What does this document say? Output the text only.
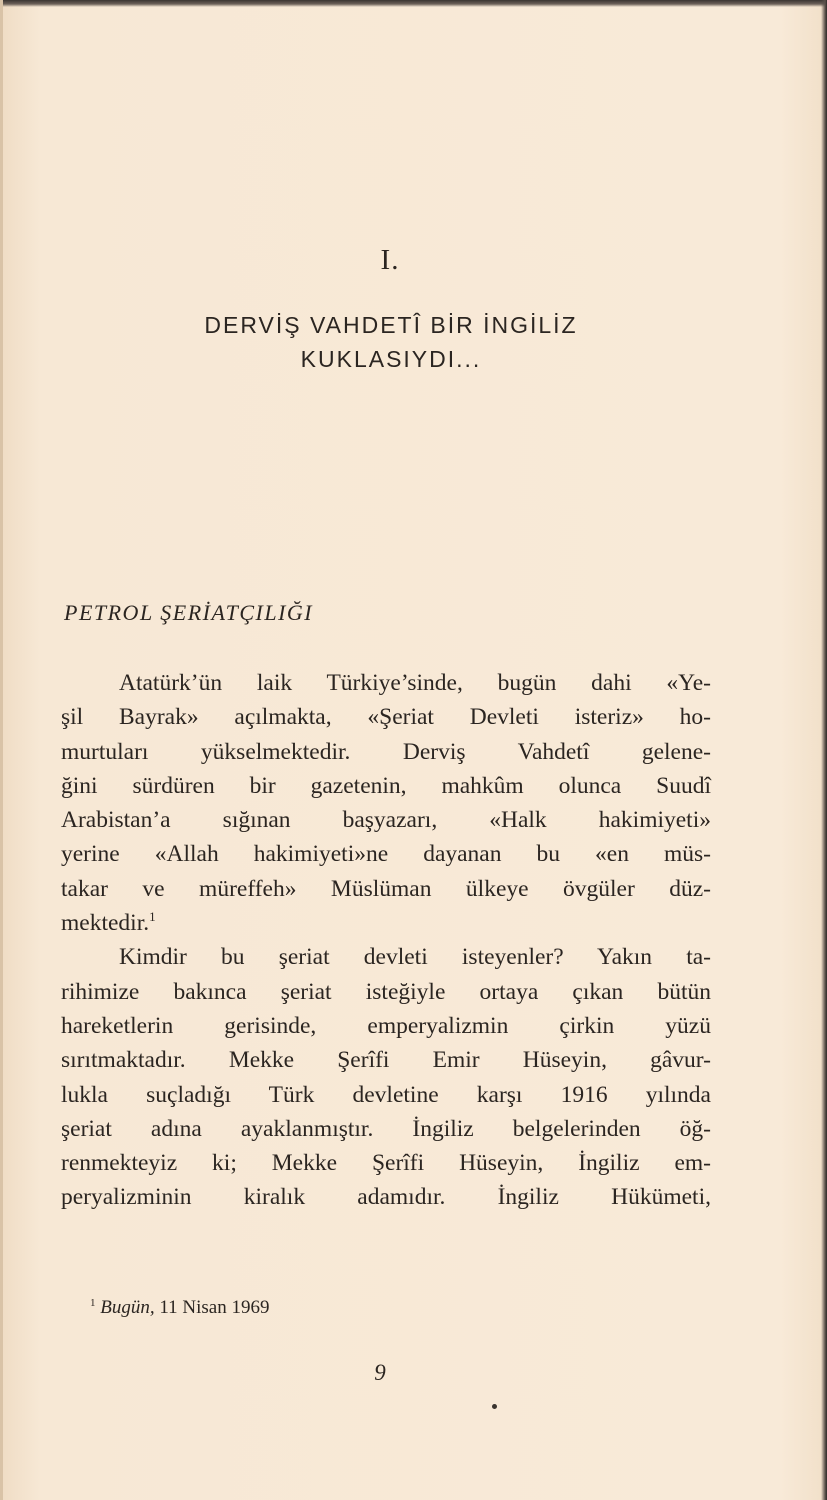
I.
DERVİŞ VAHDETÎ BİR İNGİLİZ
KUKLASIYDI...
PETROL ŞERİATÇILIĞI
Atatürk’ün laik Türkiye’sinde, bugün dahi «Ye-
şil Bayrak» açılmakta, «Şeriat Devleti isteriz» ho-
murtuları yükselmektedir. Derviş Vahdetî gelene-
ğini sürdüren bir gazetenin, mahkûm olunca Suudî
Arabistan’a sığınan başyazarı, «Halk hakimiyeti»
yerine «Allah hakimiyeti»ne dayanan bu «en müs-
takar ve müreffeh» Müslüman ülkeye övgüler düz-
mektedir.$^1$
Kimdir bu şeriat devleti isteyenler? Yakın ta-
rihimize bakınca şeriat isteğiyle ortaya çıkan bütün
hareketlerin gerisinde, emperyalizmin çirkin yüzü
sırıtmaktadır. Mekke Şerîfi Emir Hüseyin, gâvur-
lukla suçladığı Türk devletine karşı 1916 yılında
şeriat adına ayaklanmıştır. İngiliz belgelerinden öğ-
renmekteyiz ki; Mekke Şerîfi Hüseyin, İngiliz em-
peryalizminin kiralık adamıdır. İngiliz Hükümeti,
$^1$ Bugün, 11 Nisan 1969
9
